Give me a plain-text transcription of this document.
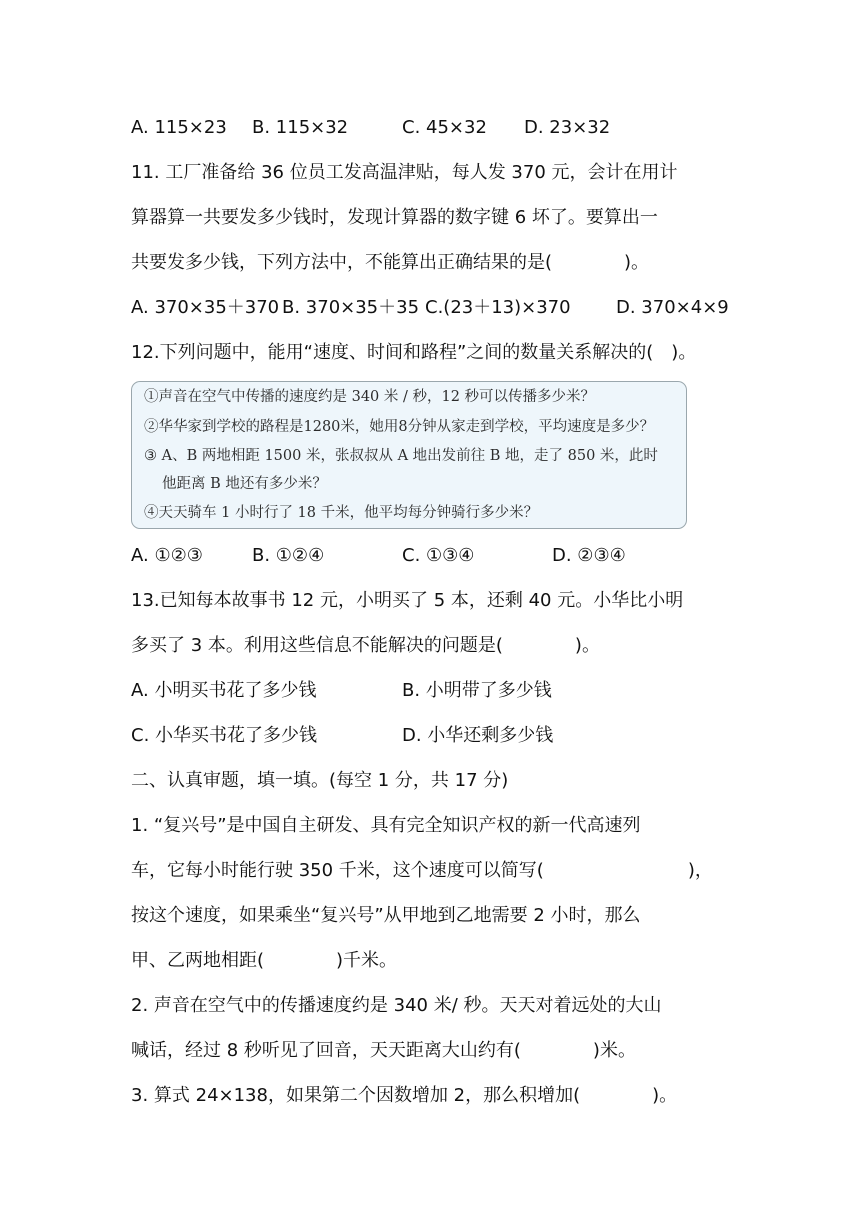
A. 115×23 B. 115×32	C. 45×32 D. 23×32
11. 工厂准备给 36 位员工发高温津贴，每人发 370 元，会计在用计
算器算一共要发多少钱时，发现计算器的数字键 6 坏了。要算出一
共要发多少钱，下列方法中，不能算出正确结果的是(　　　　)。
A. 370×35＋370 B. 370×35＋35 C.(23＋13)×370	D. 370×4×9
12.下列问题中，能用“速度、时间和路程”之间的数量关系解决的(　)。
①声音在空气中传播的速度约是 340 米 / 秒，12 秒可以传播多少米？
②华华家到学校的路程是1280米，她用8分钟从家走到学校，平均速度是多少？
③ A、B 两地相距 1500 米，张叔叔从 A 地出发前往 B 地，走了 850 米，此时
他距离 B 地还有多少米？
④天天骑车 1 小时行了 18 千米，他平均每分钟骑行多少米？
A. ①②③	B. ①②④	C. ①③④	D. ②③④
13.已知每本故事书 12 元，小明买了 5 本，还剩 40 元。小华比小明
多买了 3 本。利用这些信息不能解决的问题是(　　　　)。
A. 小明买书花了多少钱	B. 小明带了多少钱
C. 小华买书花了多少钱	D. 小华还剩多少钱
二、认真审题，填一填。(每空 1 分，共 17 分)
1. “复兴号”是中国自主研发、具有完全知识产权的新一代高速列
车，它每小时能行驶 350 千米，这个速度可以简写(　　　　　　　　)，
按这个速度，如果乘坐“复兴号”从甲地到乙地需要 2 小时，那么
甲、乙两地相距(　　　　)千米。
2. 声音在空气中的传播速度约是 340 米/ 秒。天天对着远处的大山
喊话，经过 8 秒听见了回音，天天距离大山约有(　　　　)米。
3. 算式 24×138，如果第二个因数增加 2，那么积增加(　　　　)。
